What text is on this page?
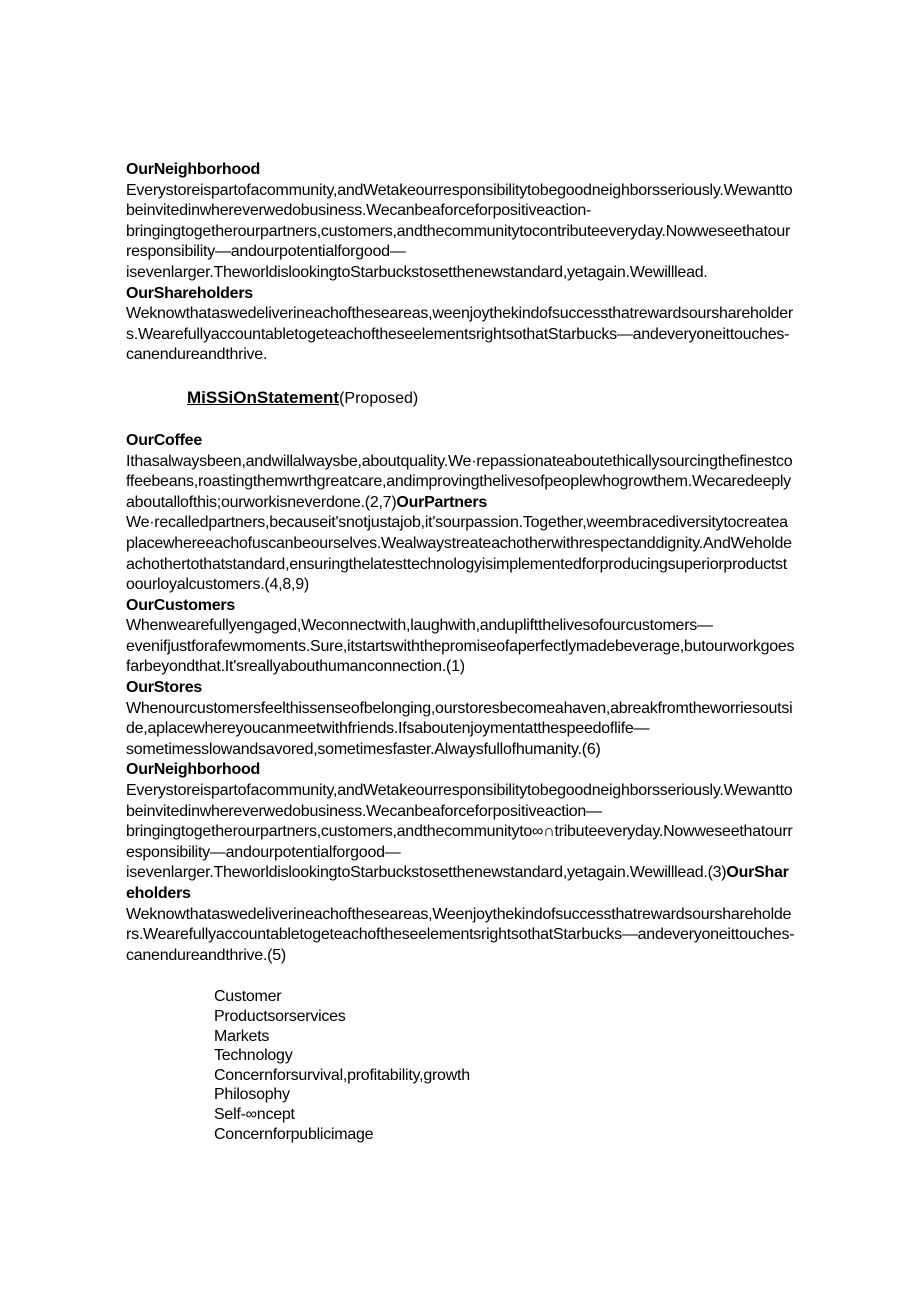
OurNeighborhood
Everystoreispartofacommunity,andWetakeourresponsibilitytobegoodneighborsseriously.Wewantto
beinvitedinwhereverwedobusiness.Wecanbeaforceforpositiveaction-
bringingtogetherourpartners,customers,andthecommunitytocontributeeveryday.Nowweseethatour
responsibility—andourpotentialforgood—
isevenlarger.TheworldislookingtoStarbuckstosetthenewstandard,yetagain.Wewilllead.
OurShareholders
Weknowthataswedeliverineachoftheseareas,weenjoythekindofsuccessthatrewardsourshareholder
s.WearefullyaccountabletogeteachoftheseelementsrightsothatStarbucks—andeveryoneittouches-
canendureandthrive.
MiSSiOnStatement(Proposed)
OurCoffee
Ithasalwaysbeen,andwillalwaysbe,aboutquality.We·repassionateaboutethicallysourcingthefinestco
ffeebeans,roastingthemwrthgreatcare,andimprovingthelivesofpeoplewhogrowthem.Wecaredeeply
aboutallofthis;ourworkisneverdone.(2,7)OurPartners
We·recalledpartners,becauseit'snotjustajob,it'sourpassion.Together,weembracediversitytocreatea
placewhereeachofuscanbeourselves.Wealwaystreateachotherwithrespectanddignity.AndWeholde
achothertothatstandard,ensuringthelatesttechnologyisimplementedforproducingsuperiorproductst
oourloyalcustomers.(4,8,9)
OurCustomers
Whenwearefullyengaged,Weconnectwith,laughwith,andupliftthelivesofourcustomers—
evenifjustforafewmoments.Sure,itstartswiththepromiseofaperfectlymadebeverage,butourworkgoes
farbeyondthat.It'sreallyabouthumanconnection.(1)
OurStores
Whenourcustomersfeelthissenseofbelonging,ourstoresbecomeahaven,abreakfromtheworriesoutsi
de,aplacewhereyoucanmeetwithfriends.Ifsaboutenjoymentatthespeedoflife—
sometimesslowandsavored,sometimesfaster.Alwaysfullofhumanity.(6)
OurNeighborhood
Everystoreispartofacommunity,andWetakeourresponsibilitytobegoodneighborsseriously.Wewantto
beinvitedinwhereverwedobusiness.Wecanbeaforceforpositiveaction—
bringingtogetherourpartners,customers,andthecommunityto∞∩tributeeveryday.Nowweseethatourr
esponsibility—andourpotentialforgood—
isevenlarger.TheworldislookingtoStarbuckstosetthenewstandard,yetagain.Wewilllead.(3)OurShar
eholders
Weknowthataswedeliverineachoftheseareas,Weenjoythekindofsuccessthatrewardsourshareholde
rs.WearefullyaccountabletogeteachoftheseelementsrightsothatStarbucks—andeveryoneittouches-
canendureandthrive.(5)
Customer
Productsorservices
Markets
Technology
Concernforsurvival,profitability,growth
Philosophy
Self-∞ncept
Concernforpublicimage
